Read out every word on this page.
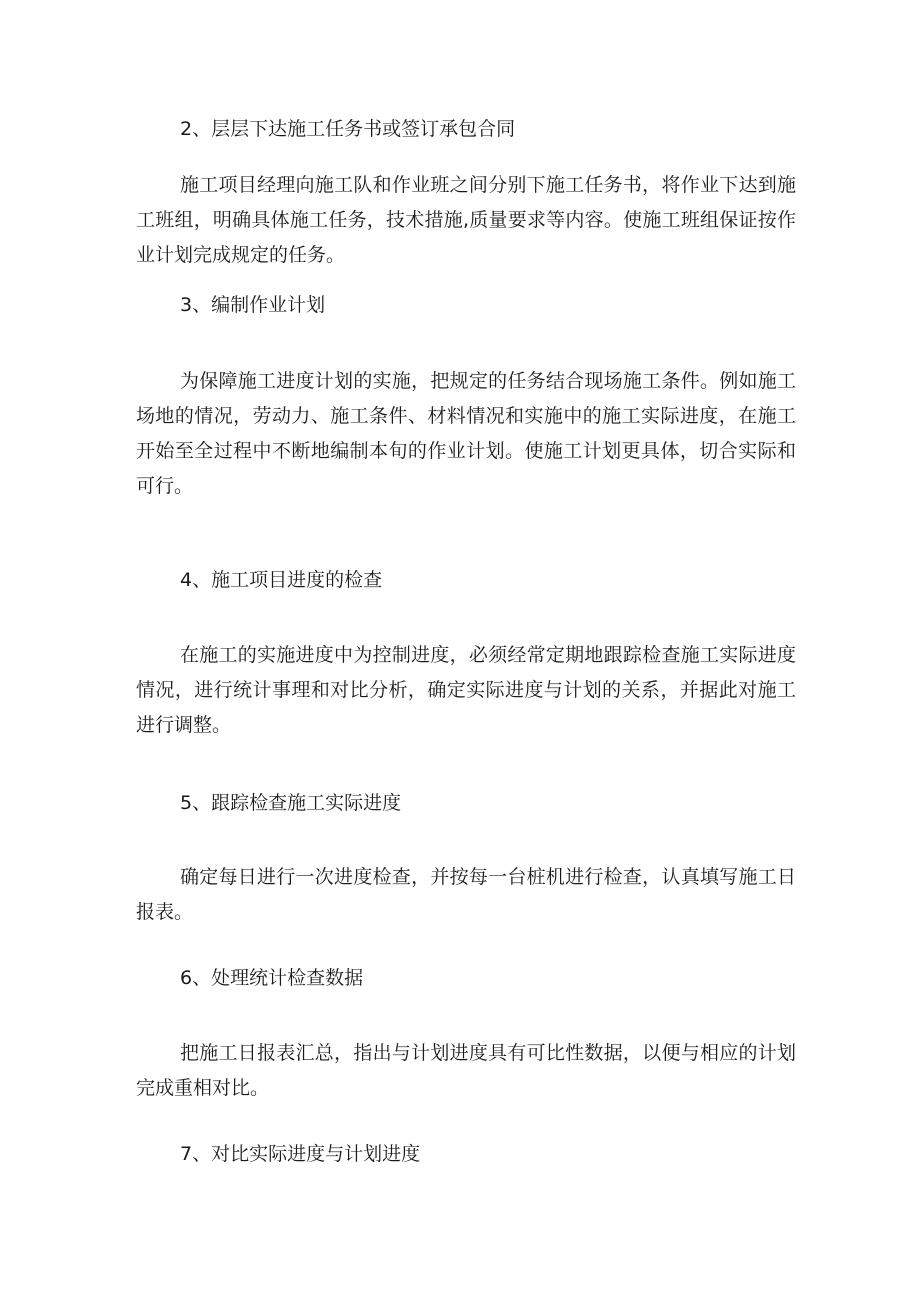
2、层层下达施工任务书或签订承包合同

施工项目经理向施工队和作业班之间分别下施工任务书，将作业下达到施工班组，明确具体施工任务，技术措施,质量要求等内容。使施工班组保证按作业计划完成规定的任务。

3、编制作业计划

为保障施工进度计划的实施，把规定的任务结合现场施工条件。例如施工场地的情况，劳动力、施工条件、材料情况和实施中的施工实际进度，在施工开始至全过程中不断地编制本旬的作业计划。使施工计划更具体，切合实际和可行。

4、施工项目进度的检查

在施工的实施进度中为控制进度，必须经常定期地跟踪检查施工实际进度情况，进行统计事理和对比分析，确定实际进度与计划的关系，并据此对施工进行调整。

5、跟踪检查施工实际进度

确定每日进行一次进度检查，并按每一台桩机进行检查，认真填写施工日报表。

6、处理统计检查数据

把施工日报表汇总，指出与计划进度具有可比性数据，以便与相应的计划完成重相对比。

7、对比实际进度与计划进度
